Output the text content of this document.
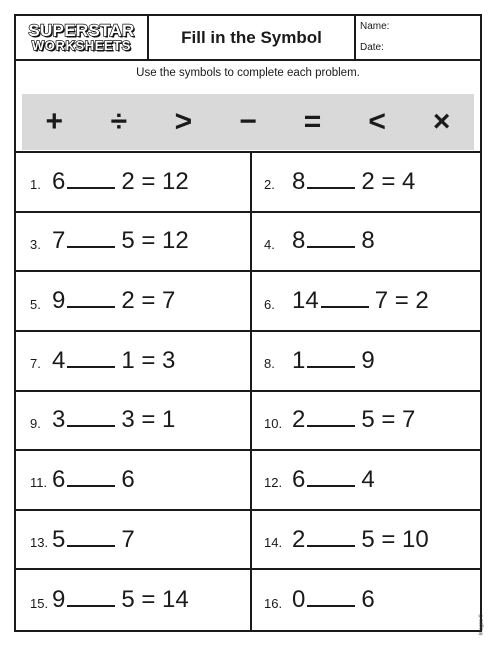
SUPERSTAR
WORKSHEETS	Fill in the Symbol
Name:
Date:
Use the symbols to complete each problem.
+	÷	>	−	=	<	×
1. 6 2 = 12	2. 8 2 = 4
3. 7 5 = 12	4. 8 8
5. 9 2 = 7	6. 14 7 = 2
7. 4 1 = 3	8. 1 9
9. 3 3 = 1	10. 2 5 = 7
11. 6 6	12. 6 4
13. 5 7	14. 2 5 = 10
15. 9 5 = 14	16. 0 6
Images ©
